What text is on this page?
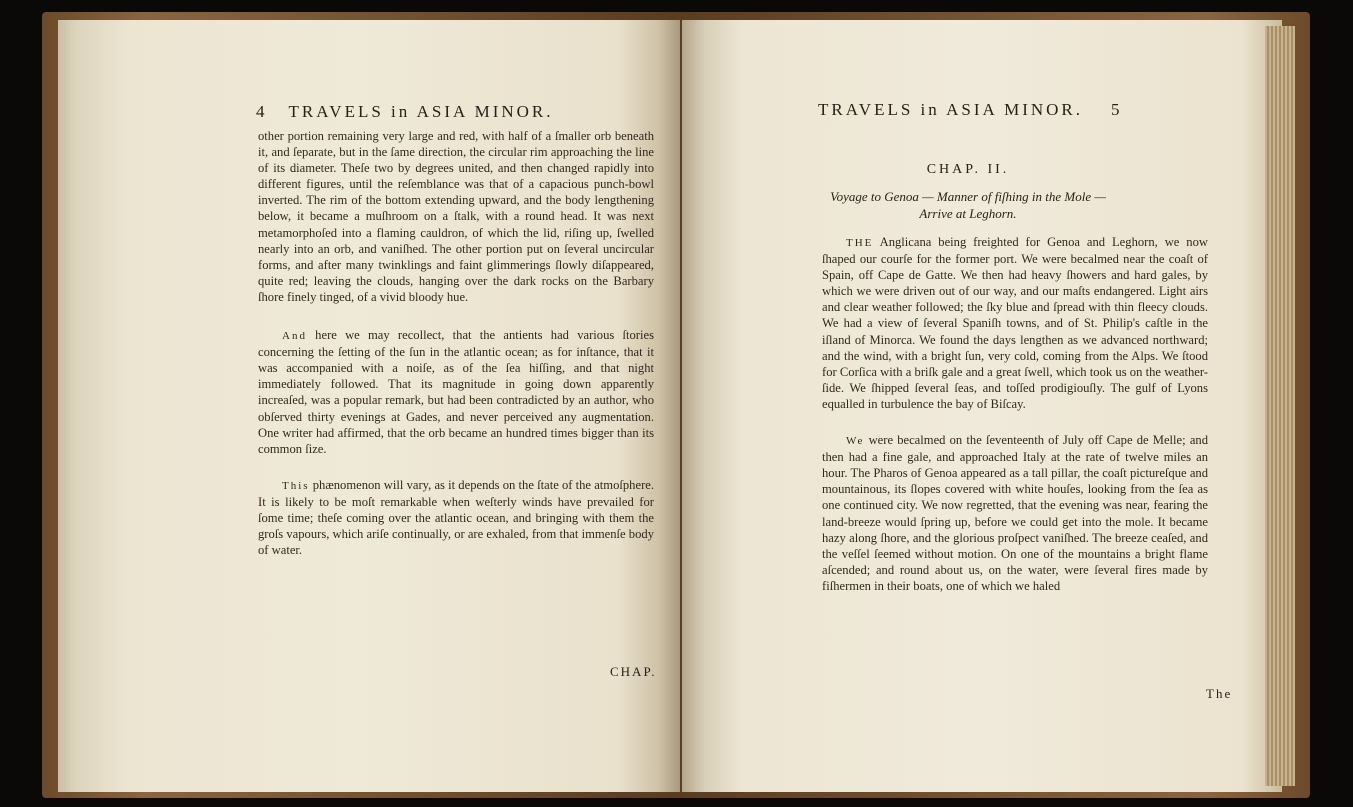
4 TRAVELS in ASIA MINOR.

other portion remaining very large and red, with half of a ſmaller orb beneath it, and ſeparate, but in the ſame direction, the circular rim approaching the line of its diameter. Theſe two by degrees united, and then changed rapidly into different figures, until the reſemblance was that of a capacious punch-bowl inverted. The rim of the bottom extending upward, and the body lengthening below, it became a muſhroom on a ſtalk, with a round head. It was next metamorphoſed into a flaming cauldron, of which the lid, riſing up, ſwelled nearly into an orb, and vaniſhed. The other portion put on ſeveral uncircular forms, and after many twinklings and faint glimmerings ſlowly diſappeared, quite red; leaving the clouds, hanging over the dark rocks on the Barbary ſhore finely tinged, of a vivid bloody hue.

And here we may recollect, that the antients had various ſtories concerning the ſetting of the ſun in the atlantic ocean; as for inſtance, that it was accompanied with a noiſe, as of the ſea hiſſing, and that night immediately followed. That its magnitude in going down apparently increaſed, was a popular remark, but had been contradicted by an author, who obſerved thirty evenings at Gades, and never perceived any augmentation. One writer had affirmed, that the orb became an hundred times bigger than its common ſize.

This phænomenon will vary, as it depends on the ſtate of the atmoſphere. It is likely to be moſt remarkable when weſterly winds have prevailed for ſome time; theſe coming over the atlantic ocean, and bringing with them the groſs vapours, which ariſe continually, or are exhaled, from that immenſe body of water.

CHAP.
TRAVELS in ASIA MINOR. 5
CHAP. II.
Voyage to Genoa — Manner of fiſhing in the Mole —
Arrive at Leghorn.

THE Anglicana being freighted for Genoa and Leghorn, we now ſhaped our courſe for the former port. We were becalmed near the coaſt of Spain, off Cape de Gatte. We then had heavy ſhowers and hard gales, by which we were driven out of our way, and our maſts endangered. Light airs and clear weather followed; the ſky blue and ſpread with thin fleecy clouds. We had a view of ſeveral Spaniſh towns, and of St. Philip's caſtle in the iſland of Minorca. We found the days lengthen as we advanced northward; and the wind, with a bright ſun, very cold, coming from the Alps. We ſtood for Corſica with a briſk gale and a great ſwell, which took us on the weather-ſide. We ſhipped ſeveral ſeas, and toſſed prodigiouſly. The gulf of Lyons equalled in turbulence the bay of Biſcay.

We were becalmed on the ſeventeenth of July off Cape de Melle; and then had a fine gale, and approached Italy at the rate of twelve miles an hour. The Pharos of Genoa appeared as a tall pillar, the coaſt pictureſque and mountainous, its ſlopes covered with white houſes, looking from the ſea as one continued city. We now regretted, that the evening was near, fearing the land-breeze would ſpring up, before we could get into the mole. It became hazy along ſhore, and the glorious proſpect vaniſhed. The breeze ceaſed, and the veſſel ſeemed without motion. On one of the mountains a bright flame aſcended; and round about us, on the water, were ſeveral fires made by fiſhermen in their boats, one of which we haled

The
